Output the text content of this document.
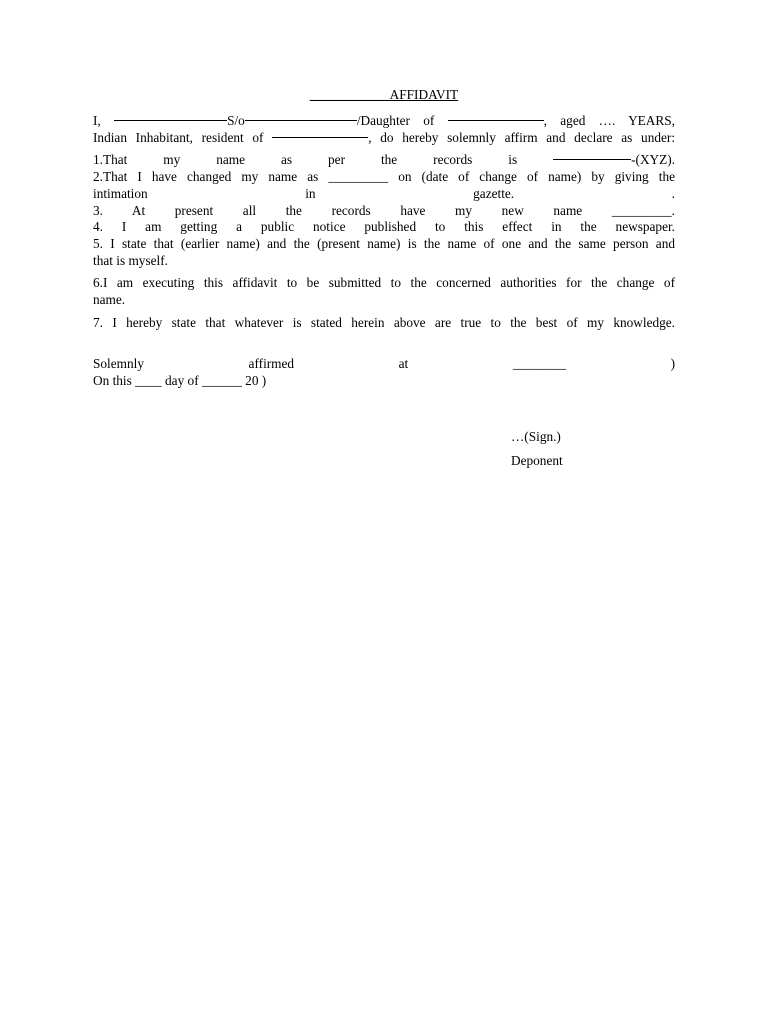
____________AFFIDAVIT
I,	S/o	/Daughter of	, aged …. YEARS,
Indian Inhabitant, resident of	, do hereby solemnly affirm and declare as under:
1.That	my	name	as	per	the	records	is	-(XYZ).
2.That I have changed my name as _________ on (date of change of name) by giving the
intimation	in	gazette.	.
3. At present all the records have my new name _________.
4. I am getting a public notice published to this effect in the newspaper.
5. I state that (earlier name) and the (present name) is the name of one and the same person and
that is myself.
6.I am executing this affidavit to be submitted to the concerned authorities for the change of
name.
7. I hereby state that whatever is stated herein above are true to the best of my knowledge.
Solemnly	affirmed	at	________	)
On this ____ day of ______ 20 )
…(Sign.)
Deponent
